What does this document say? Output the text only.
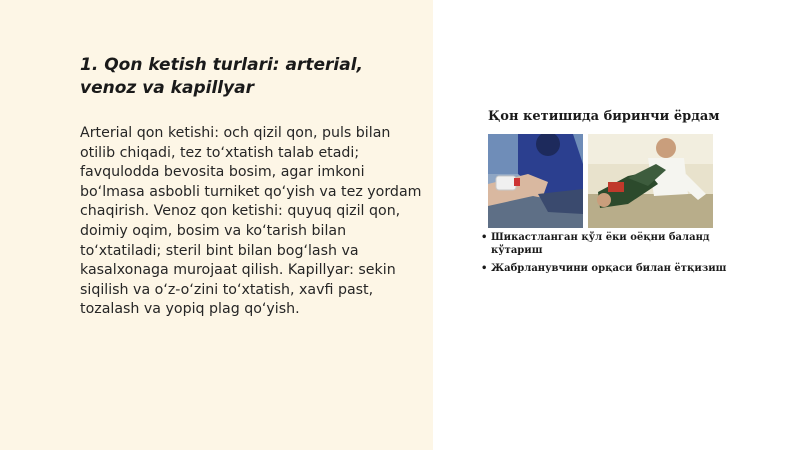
1. Qon ketish turlari: arterial, venoz va kapillyar

Arterial qon ketishi: och qizil qon, puls bilan otilib chiqadi, tez to‘xtatish talab etadi; favqulodda bevosita bosim, agar imkoni bo‘lmasa asbobli turniket qo‘yish va tez yordam chaqirish. Venoz qon ketishi: quyuq qizil qon, doimiy oqim, bosim va ko‘tarish bilan to‘xtatiladi; steril bint bilan bog‘lash va kasalxonaga murojaat qilish. Kapillyar: sekin siqilish va o‘z-o‘zini to‘xtatish, xavfi past, tozalash va yopiq plag qo‘yish.

Қон кетишида биринчи ёрдам
• Шикастланган қўл ёки оёқни баланд кўтариш
• Жабрланувчини орқаси билан ётқизиш
